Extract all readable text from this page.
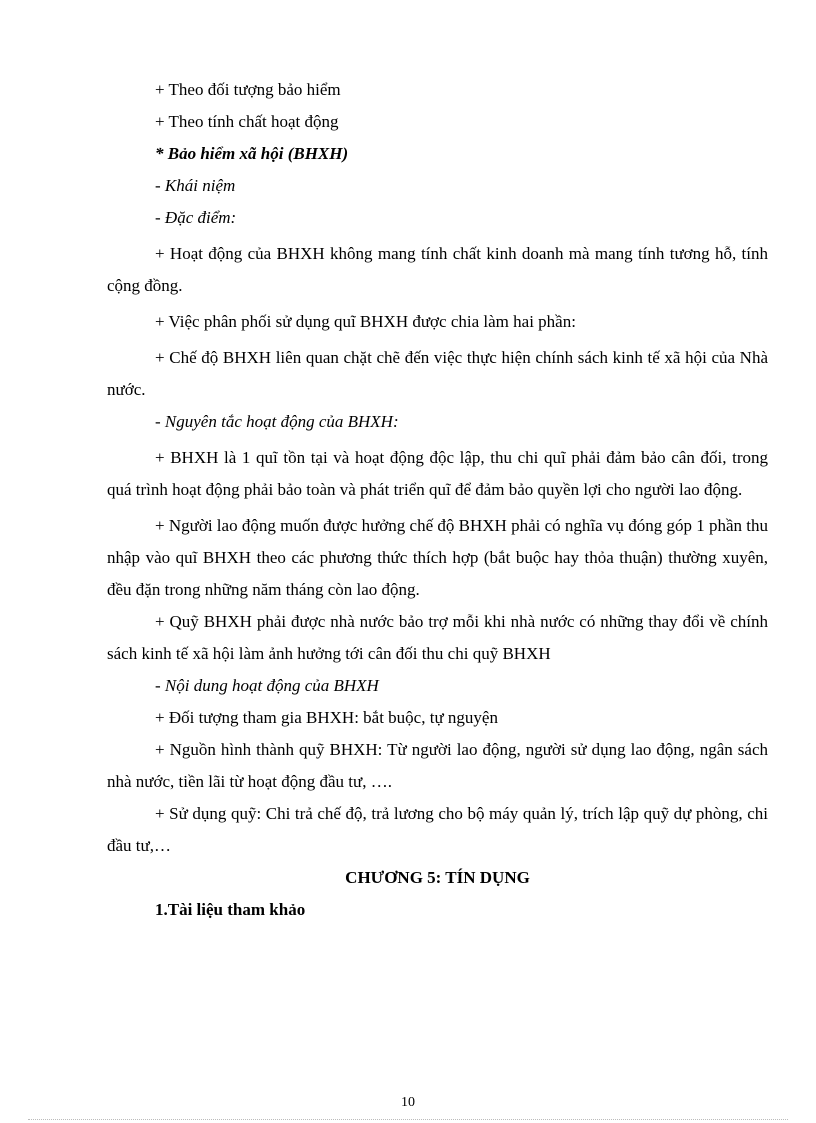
+ Theo đối tượng bảo hiểm

+ Theo tính chất hoạt động

* Bảo hiểm xã hội (BHXH)

- Khái niệm

- Đặc điểm:

+ Hoạt động của BHXH không mang tính chất kinh doanh mà mang tính tương hỗ, tính cộng đồng.

+ Việc phân phối sử dụng quĩ BHXH được chia làm hai phần:

+ Chế độ BHXH liên quan chặt chẽ đến việc thực hiện chính sách kinh tế xã hội của Nhà nước.

- Nguyên tắc hoạt động của BHXH:

+ BHXH là 1 quĩ tồn tại và hoạt động độc lập, thu chi quĩ phải đảm bảo cân đối, trong quá trình hoạt động phải bảo toàn và phát triển quĩ để đảm bảo quyền lợi cho người lao động.

+ Người lao động muốn được hưởng chế độ BHXH phải có nghĩa vụ đóng góp 1 phần thu nhập vào quĩ BHXH theo các phương thức thích hợp (bắt buộc hay thỏa thuận) thường xuyên, đều đặn trong những năm tháng còn lao động.

+ Quỹ BHXH phải được nhà nước bảo trợ mỗi khi nhà nước có những thay đổi về chính sách kinh tế xã hội làm ảnh hưởng tới cân đối thu chi quỹ BHXH

- Nội dung hoạt động của BHXH

+ Đối tượng tham gia BHXH: bắt buộc, tự nguyện

+ Nguồn hình thành quỹ BHXH: Từ người lao động, người sử dụng lao động, ngân sách nhà nước, tiền lãi từ hoạt động đầu tư, ….

+ Sử dụng quỹ: Chi trả chế độ, trả lương cho bộ máy quản lý, trích lập quỹ dự phòng, chi đầu tư,…

CHƯƠNG 5: TÍN DỤNG

1.Tài liệu tham khảo

10
